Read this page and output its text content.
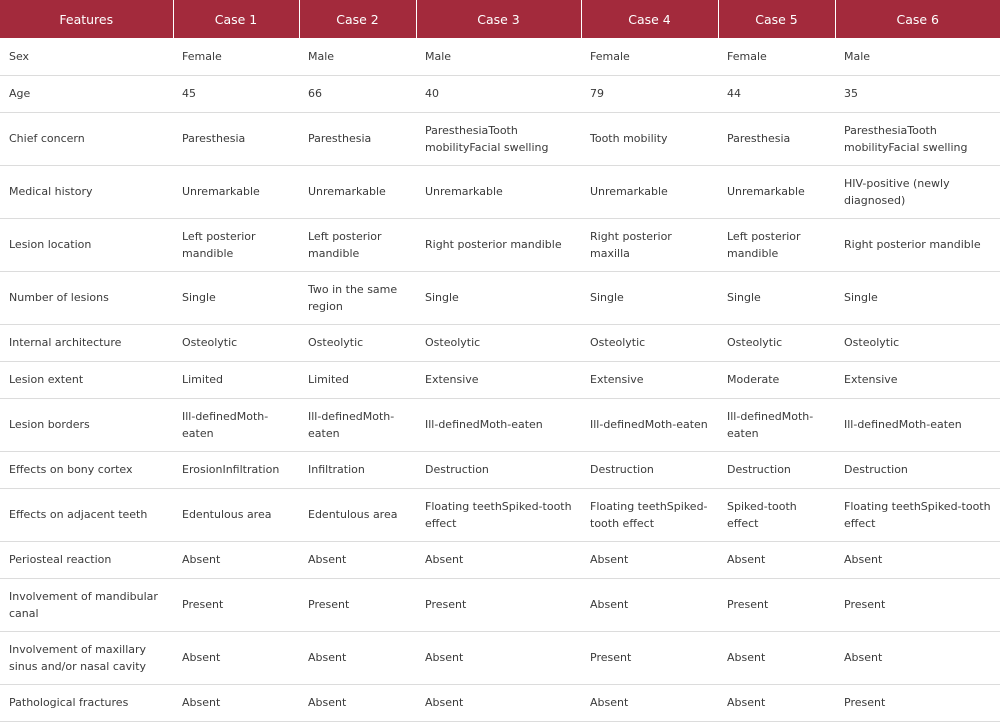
Features	Case 1	Case 2	Case 3	Case 4	Case 5	Case 6
Sex	Female	Male	Male	Female	Female	Male
Age	45	66	40	79	44	35
Chief concern	Paresthesia	Paresthesia	ParesthesiaTooth mobilityFacial swelling	Tooth mobility	Paresthesia	ParesthesiaTooth mobilityFacial swelling
Medical history	Unremarkable	Unremarkable	Unremarkable	Unremarkable	Unremarkable	HIV-positive (newly diagnosed)
Lesion location	Left posterior mandible	Left posterior mandible	Right posterior mandible	Right posterior maxilla	Left posterior mandible	Right posterior mandible
Number of lesions	Single	Two in the same region	Single	Single	Single	Single
Internal architecture	Osteolytic	Osteolytic	Osteolytic	Osteolytic	Osteolytic	Osteolytic
Lesion extent	Limited	Limited	Extensive	Extensive	Moderate	Extensive
Lesion borders	Ill-definedMoth-eaten	Ill-definedMoth-eaten	Ill-definedMoth-eaten	Ill-definedMoth-eaten	Ill-definedMoth-eaten	Ill-definedMoth-eaten
Effects on bony cortex	ErosionInfiltration	Infiltration	Destruction	Destruction	Destruction	Destruction
Effects on adjacent teeth	Edentulous area	Edentulous area	Floating teethSpiked-tooth effect	Floating teethSpiked-tooth effect	Spiked-tooth effect	Floating teethSpiked-tooth effect
Periosteal reaction	Absent	Absent	Absent	Absent	Absent	Absent
Involvement of mandibular canal	Present	Present	Present	Absent	Present	Present
Involvement of maxillary sinus and/or nasal cavity	Absent	Absent	Absent	Present	Absent	Absent
Pathological fractures	Absent	Absent	Absent	Absent	Absent	Present
